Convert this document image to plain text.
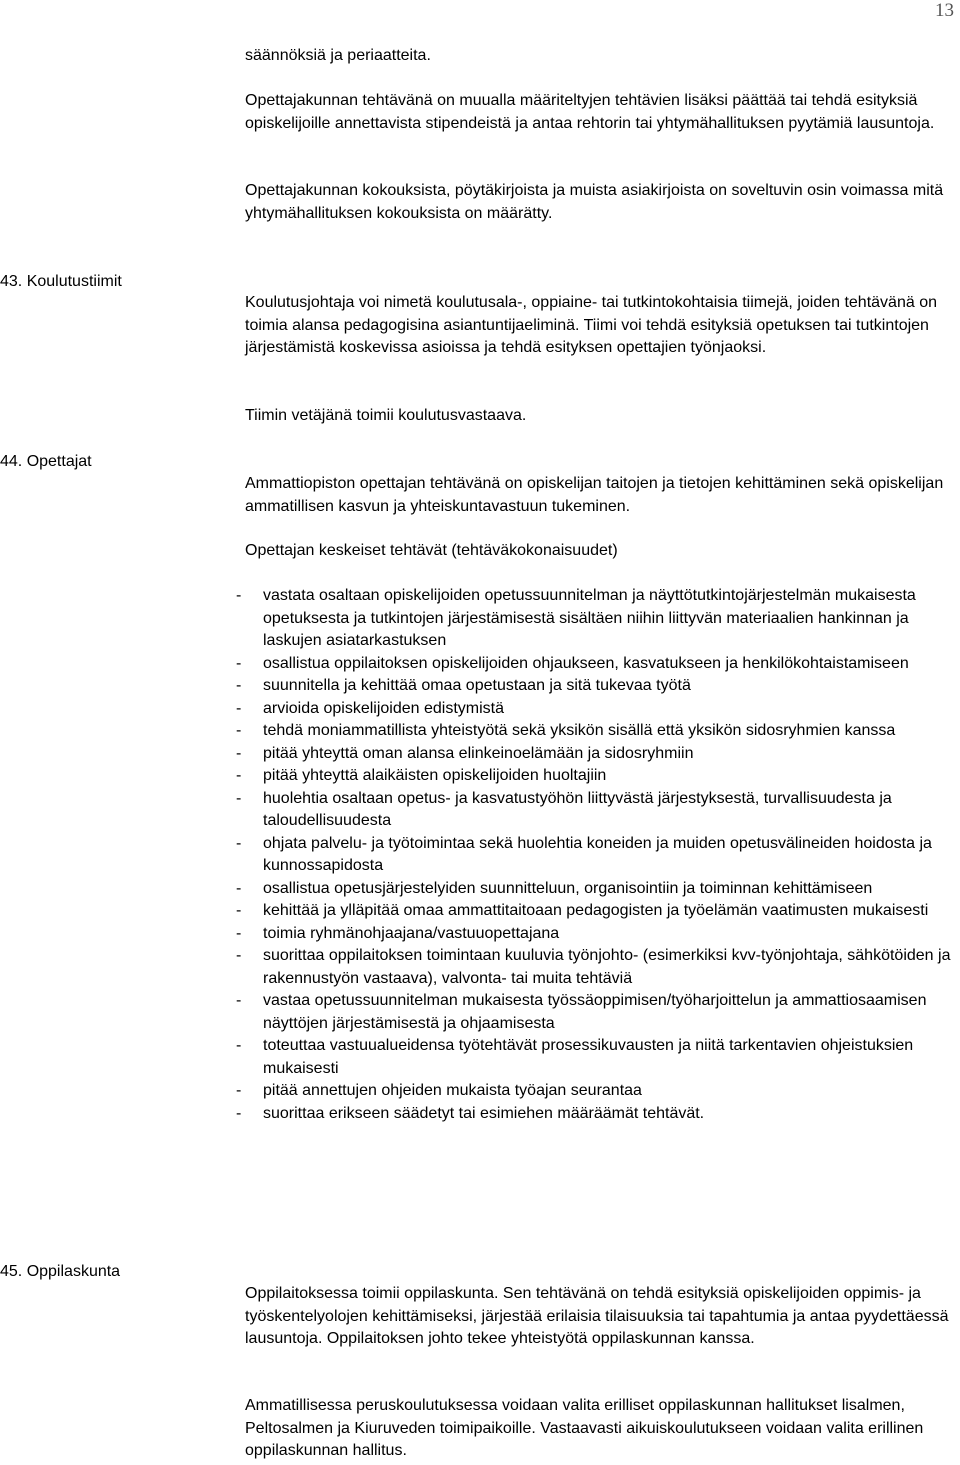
13

säännöksiä ja periaatteita.

Opettajakunnan tehtävänä on muualla määriteltyjen tehtävien lisäksi päättää tai tehdä esityksiä opiskelijoille annettavista stipendeistä ja antaa rehtorin tai yhtymähallituksen pyytämiä lausuntoja.

Opettajakunnan kokouksista, pöytäkirjoista ja muista asiakirjoista on soveltuvin osin voimassa mitä yhtymähallituksen kokouksista on määrätty.

43. Koulutustiimit

Koulutusjohtaja voi nimetä koulutusala-, oppiaine- tai tutkintokohtaisia tiimejä, joiden tehtävänä on toimia alansa pedagogisina asiantuntijaeliminä. Tiimi voi tehdä esityksiä opetuksen tai tutkintojen järjestämistä koskevissa asioissa ja tehdä esityksen opettajien työnjaoksi.

Tiimin vetäjänä toimii koulutusvastaava.

44. Opettajat

Ammattiopiston opettajan tehtävänä on opiskelijan taitojen ja tietojen kehittäminen sekä opiskelijan ammatillisen kasvun ja yhteiskuntavastuun tukeminen.

Opettajan keskeiset tehtävät (tehtäväkokonaisuudet)

- vastata osaltaan opiskelijoiden opetussuunnitelman ja näyttötutkintojärjestelmän mukaisesta opetuksesta ja tutkintojen järjestämisestä sisältäen niihin liittyvän materiaalien hankinnan ja laskujen asiatarkastuksen
- osallistua oppilaitoksen opiskelijoiden ohjaukseen, kasvatukseen ja henkilökohtaistamiseen
- suunnitella ja kehittää omaa opetustaan ja sitä tukevaa työtä
- arvioida opiskelijoiden edistymistä
- tehdä moniammatillista yhteistyötä sekä yksikön sisällä että yksikön sidosryhmien kanssa
- pitää yhteyttä oman alansa elinkeinoelämään ja sidosryhmiin
- pitää yhteyttä alaikäisten opiskelijoiden huoltajiin
- huolehtia osaltaan opetus- ja kasvatustyöhön liittyvästä järjestyksestä, turvallisuudesta ja taloudellisuudesta
- ohjata palvelu- ja työtoimintaa sekä huolehtia koneiden ja muiden opetusvälineiden hoidosta ja kunnossapidosta
- osallistua opetusjärjestelyiden suunnitteluun, organisointiin ja toiminnan kehittämiseen
- kehittää ja ylläpitää omaa ammattitaitoaan pedagogisten ja työelämän vaatimusten mukaisesti
- toimia ryhmänohjaajana/vastuuopettajana
- suorittaa oppilaitoksen toimintaan kuuluvia työnjohto- (esimerkiksi kvv-työnjohtaja, sähkötöiden ja rakennustyön vastaava), valvonta- tai muita tehtäviä
- vastaa opetussuunnitelman mukaisesta työssäoppimisen/työharjoittelun ja ammattiosaamisen näyttöjen järjestämisestä ja ohjaamisesta
- toteuttaa vastuualueidensa työtehtävät prosessikuvausten ja niitä tarkentavien ohjeistuksien mukaisesti
- pitää annettujen ohjeiden mukaista työajan seurantaa
- suorittaa erikseen säädetyt tai esimiehen määräämät tehtävät.
45. Oppilaskunta

Oppilaitoksessa toimii oppilaskunta. Sen tehtävänä on tehdä esityksiä opiskelijoiden oppimis- ja työskentelyolojen kehittämiseksi, järjestää erilaisia tilaisuuksia tai tapahtumia ja antaa pyydettäessä lausuntoja. Oppilaitoksen johto tekee yhteistyötä oppilaskunnan kanssa.

Ammatillisessa peruskoulutuksessa voidaan valita erilliset oppilaskunnan hallitukset lisalmen, Peltosalmen ja Kiuruveden toimipaikoille. Vastaavasti aikuiskoulutukseen voidaan valita erillinen oppilaskunnan hallitus.
